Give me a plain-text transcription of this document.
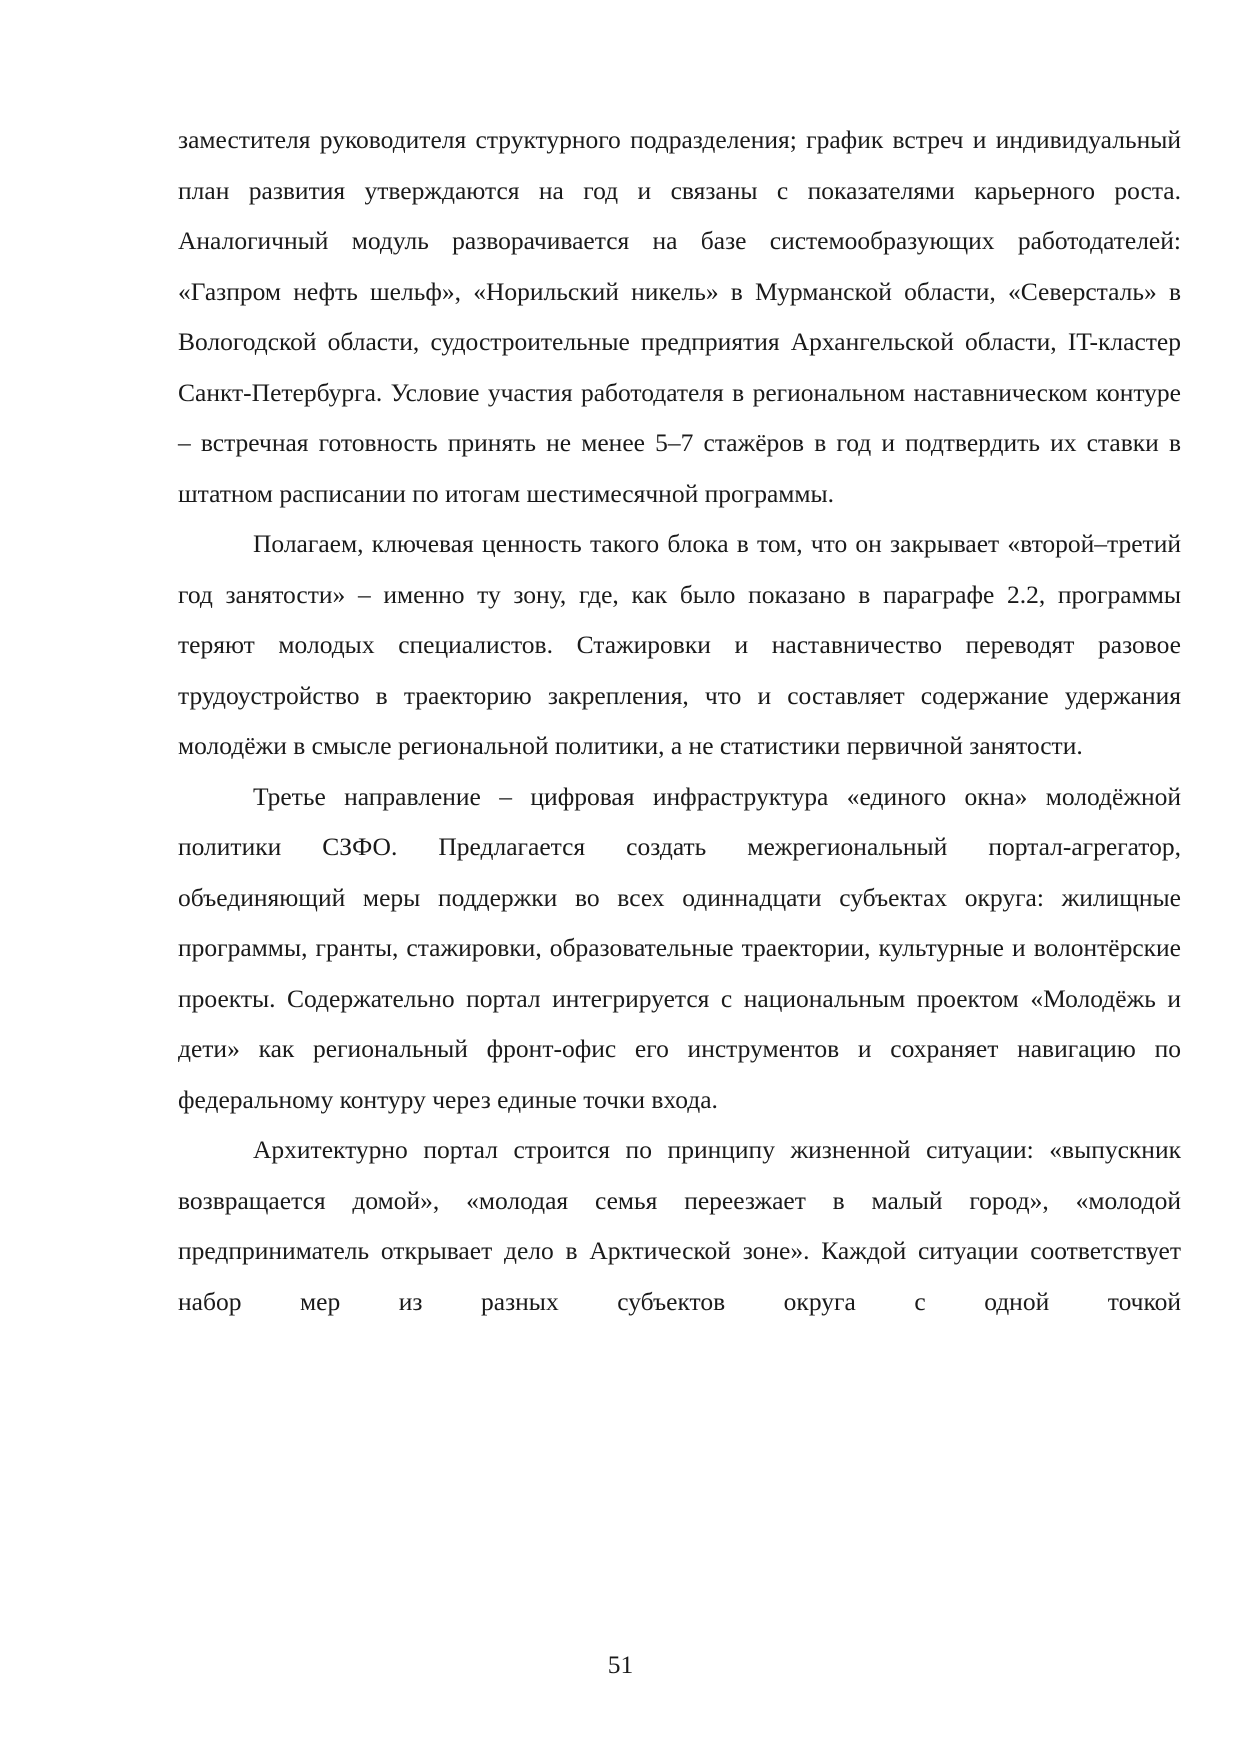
заместителя руководителя структурного подразделения; график встреч и индивидуальный план развития утверждаются на год и связаны с показателями карьерного роста. Аналогичный модуль разворачивается на базе системообразующих работодателей: «Газпром нефть шельф», «Норильский никель» в Мурманской области, «Северсталь» в Вологодской области, судостроительные предприятия Архангельской области, IT-кластер Санкт-Петербурга. Условие участия работодателя в региональном наставническом контуре – встречная готовность принять не менее 5–7 стажёров в год и подтвердить их ставки в штатном расписании по итогам шестимесячной программы.

Полагаем, ключевая ценность такого блока в том, что он закрывает «второй–третий год занятости» – именно ту зону, где, как было показано в параграфе 2.2, программы теряют молодых специалистов. Стажировки и наставничество переводят разовое трудоустройство в траекторию закрепления, что и составляет содержание удержания молодёжи в смысле региональной политики, а не статистики первичной занятости.

Третье направление – цифровая инфраструктура «единого окна» молодёжной политики СЗФО. Предлагается создать межрегиональный портал-агрегатор, объединяющий меры поддержки во всех одиннадцати субъектах округа: жилищные программы, гранты, стажировки, образовательные траектории, культурные и волонтёрские проекты. Содержательно портал интегрируется с национальным проектом «Молодёжь и дети» как региональный фронт-офис его инструментов и сохраняет навигацию по федеральному контуру через единые точки входа.

Архитектурно портал строится по принципу жизненной ситуации: «выпускник возвращается домой», «молодая семья переезжает в малый город», «молодой предприниматель открывает дело в Арктической зоне». Каждой ситуации соответствует набор мер из разных субъектов округа с одной точкой

51
